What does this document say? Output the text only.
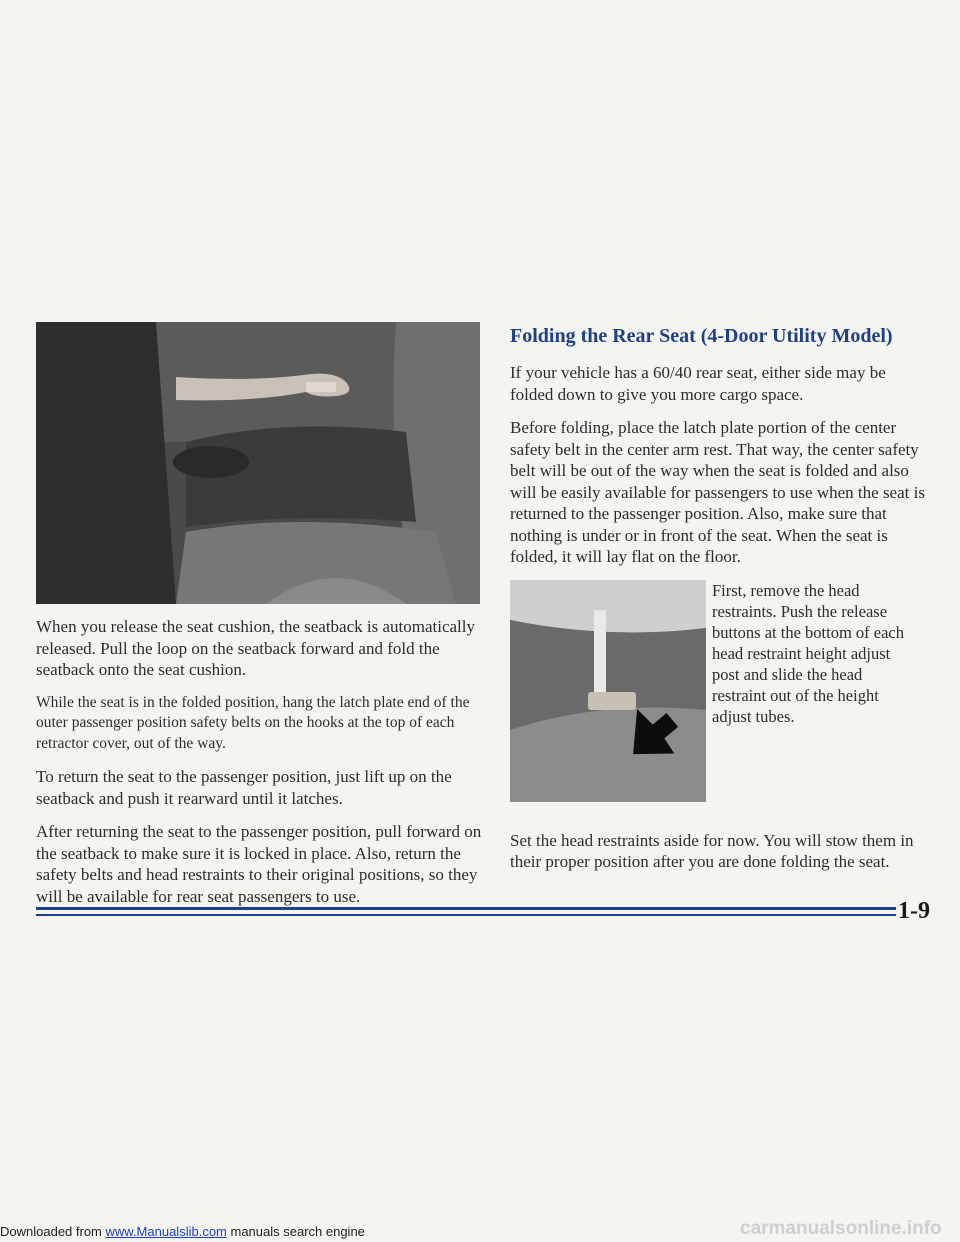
When you release the seat cushion, the seatback is automatically released. Pull the loop on the seatback forward and fold the seatback onto the seat cushion.

While the seat is in the folded position, hang the latch plate end of the outer passenger position safety belts on the hooks at the top of each retractor cover, out of the way.

To return the seat to the passenger position, just lift up on the seatback and push it rearward until it latches.

After returning the seat to the passenger position, pull forward on the seatback to make sure it is locked in place. Also, return the safety belts and head restraints to their original positions, so they will be available for rear seat passengers to use.

Folding the Rear Seat (4-Door Utility Model)

If your vehicle has a 60/40 rear seat, either side may be folded down to give you more cargo space.

Before folding, place the latch plate portion of the center safety belt in the center arm rest. That way, the center safety belt will be out of the way when the seat is folded and also will be easily available for passengers to use when the seat is returned to the passenger position. Also, make sure that nothing is under or in front of the seat. When the seat is folded, it will lay flat on the floor.

First, remove the head restraints. Push the release buttons at the bottom of each head restraint height adjust post and slide the head restraint out of the height adjust tubes.

Set the head restraints aside for now. You will stow them in their proper position after you are done folding the seat.

1-9
Downloaded from www.Manualslib.com manuals search engine	carmanualsonline.info
